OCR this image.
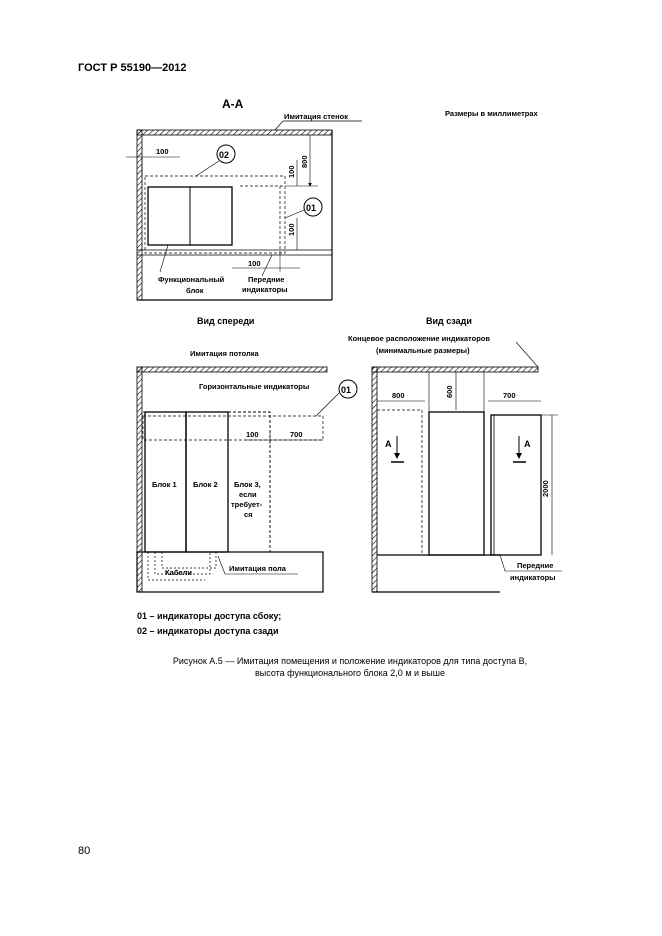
ГОСТ Р 55190—2012
А-А
Размеры в миллиметрах
Имитация стенок
100
800
100
02
01
100
100
Функциональный
блок
Передние
индикаторы
Вид спереди
Имитация потолка
Горизонтальные индикаторы	01
100	700
Блок 1 Блок 2 Блок 3,
если
требует-
ся
Кабели	Имитация пола
Вид сзади
Концевое расположение индикаторов
(минимальные размеры)
800	600	700
2000
А	А
Передние
индикаторы
01 – индикаторы доступа сбоку;
02 – индикаторы доступа сзади
Рисунок А.5 — Имитация помещения и положение индикаторов для типа доступа В,
высота функционального блока 2,0 м и выше
80
